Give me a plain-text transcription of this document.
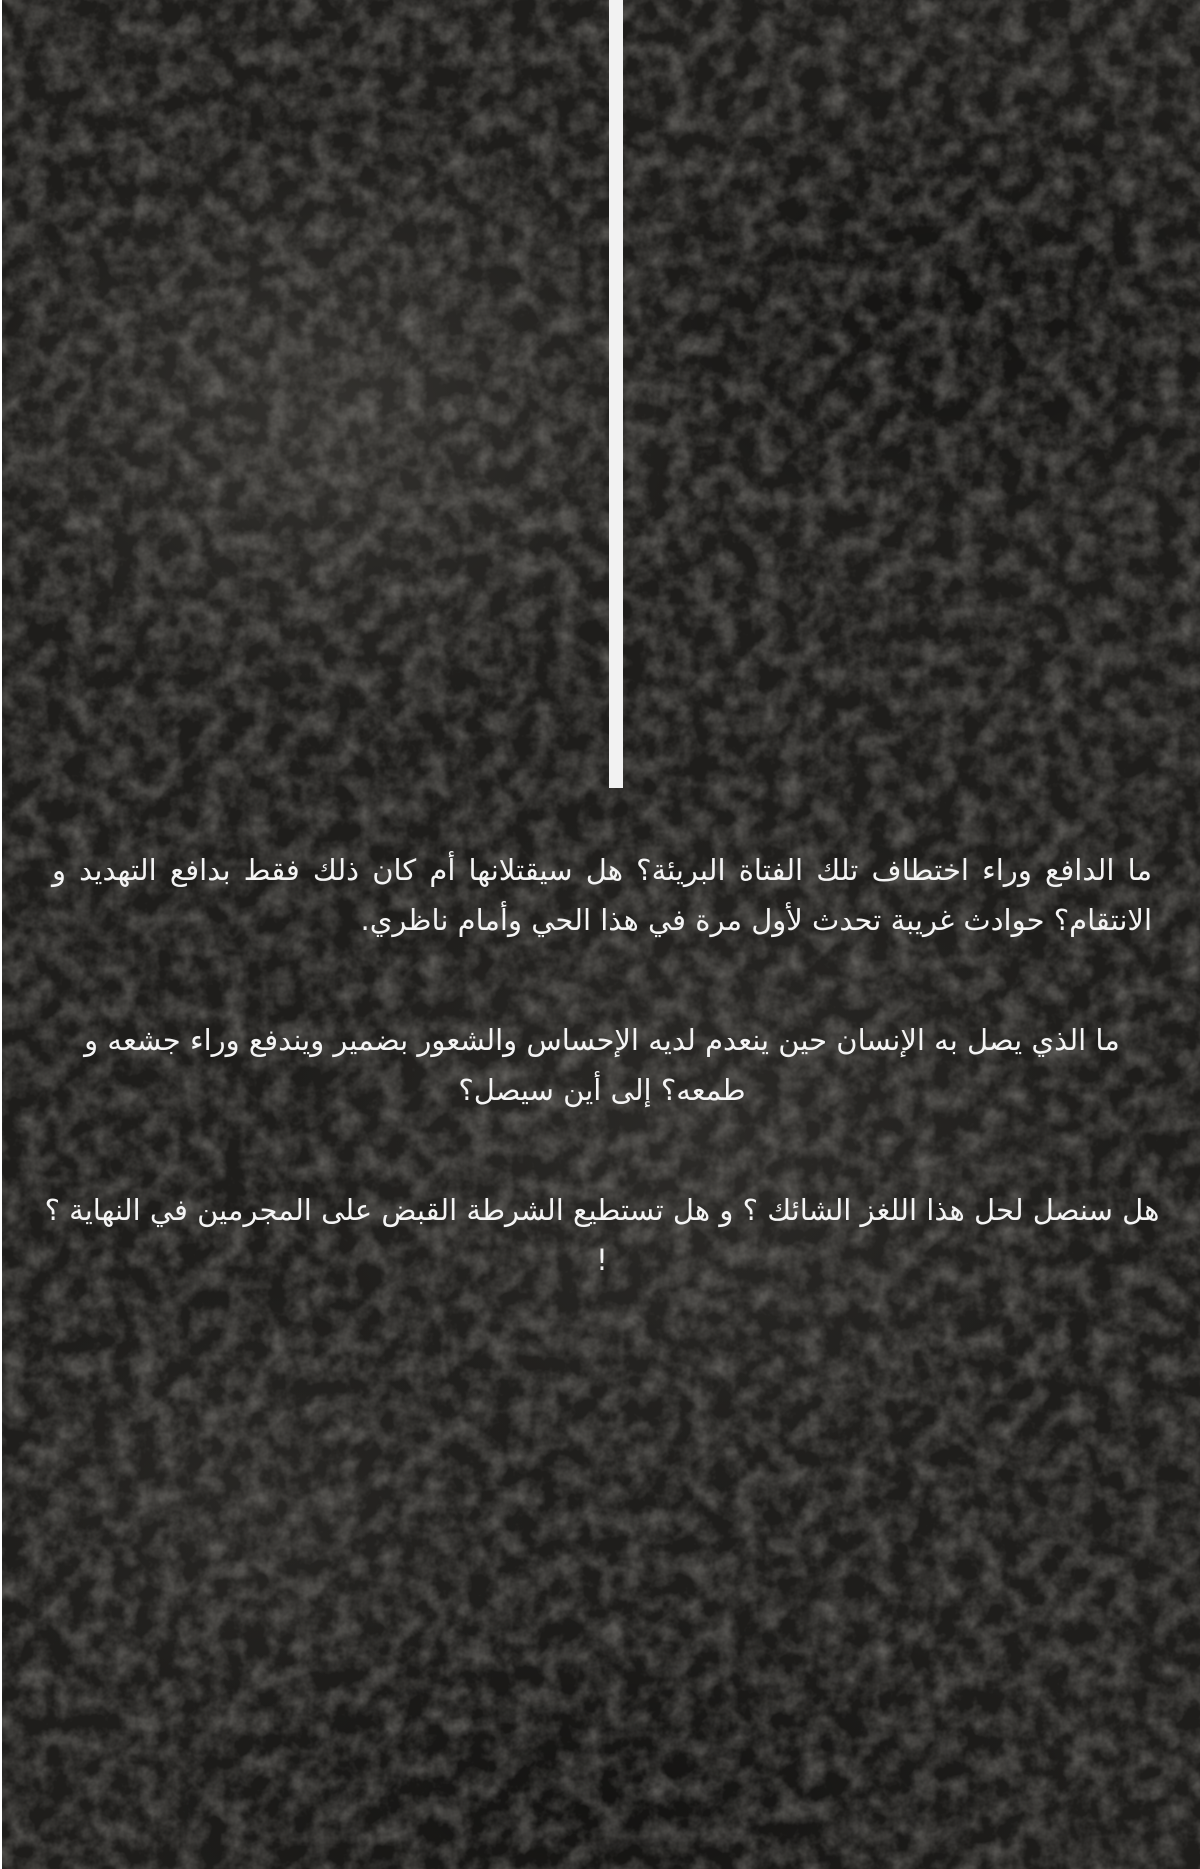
ما الدافع وراء اختطاف تلك الفتاة البريئة؟ هل سيقتلانها أم كان ذلك فقط بدافع التهديد و الانتقام؟ حوادث غريبة تحدث لأول مرة في هذا الحي وأمام ناظري.

ما الذي يصل به الإنسان حين ينعدم لديه الإحساس والشعور بضمير ويندفع وراء جشعه و طمعه؟ إلى أين سيصل؟

هل سنصل لحل هذا اللغز الشائك ؟ و هل تستطيع الشرطة القبض على المجرمين في النهاية ؟ !
